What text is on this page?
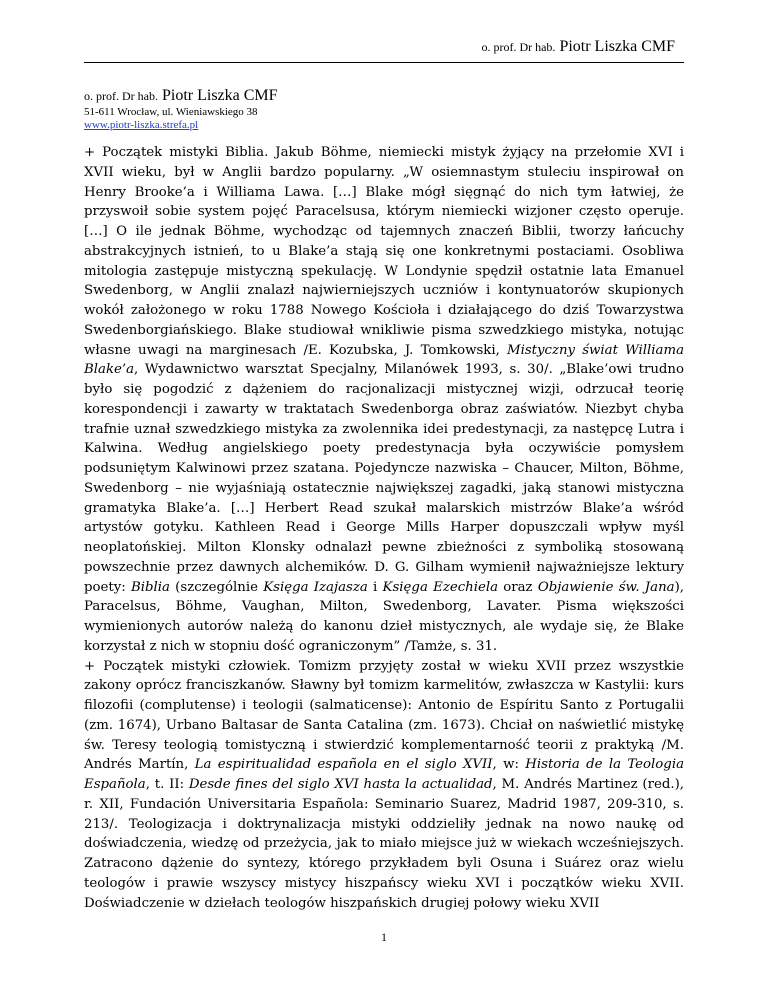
o. prof. Dr hab. Piotr Liszka CMF
o. prof. Dr hab. Piotr Liszka CMF
51-611 Wrocław, ul. Wieniawskiego 38
www.piotr-liszka.strefa.pl

+ Początek mistyki Biblia. Jakub Böhme, niemiecki mistyk żyjący na przełomie XVI i XVII wieku, był w Anglii bardzo popularny. „W osiemnastym stuleciu inspirował on Henry Brooke’a i Williama Lawa. […] Blake mógł sięgnąć do nich tym łatwiej, że przyswoił sobie system pojęć Paracelsusa, którym niemiecki wizjoner często operuje. […] O ile jednak Böhme, wychodząc od tajemnych znaczeń Biblii, tworzy łańcuchy abstrakcyjnych istnień, to u Blake’a stają się one konkretnymi postaciami. Osobliwa mitologia zastępuje mistyczną spekulację. W Londynie spędził ostatnie lata Emanuel Swedenborg, w Anglii znalazł najwierniejszych uczniów i kontynuatorów skupionych wokół założonego w roku 1788 Nowego Kościoła i działającego do dziś Towarzystwa Swedenborgiańskiego. Blake studiował wnikliwie pisma szwedzkiego mistyka, notując własne uwagi na marginesach /E. Kozubska, J. Tomkowski, Mistyczny świat Williama Blake’a, Wydawnictwo warsztat Specjalny, Milanówek 1993, s. 30/. „Blake’owi trudno było się pogodzić z dążeniem do racjonalizacji mistycznej wizji, odrzucał teorię korespondencji i zawarty w traktatach Swedenborga obraz zaświatów. Niezbyt chyba trafnie uznał szwedzkiego mistyka za zwolennika idei predestynacji, za następcę Lutra i Kalwina. Według angielskiego poety predestynacja była oczywiście pomysłem podsuniętym Kalwinowi przez szatana. Pojedyncze nazwiska – Chaucer, Milton, Böhme, Swedenborg – nie wyjaśniają ostatecznie największej zagadki, jaką stanowi mistyczna gramatyka Blake’a. […] Herbert Read szukał malarskich mistrzów Blake’a wśród artystów gotyku. Kathleen Read i George Mills Harper dopuszczali wpływ myśl neoplatońskiej. Milton Klonsky odnalazł pewne zbieżności z symboliką stosowaną powszechnie przez dawnych alchemików. D. G. Gilham wymienił najważniejsze lektury poety: Biblia (szczególnie Księga Izajasza i Księga Ezechiela oraz Objawienie św. Jana), Paracelsus, Böhme, Vaughan, Milton, Swedenborg, Lavater. Pisma większości wymienionych autorów należą do kanonu dzieł mistycznych, ale wydaje się, że Blake korzystał z nich w stopniu dość ograniczonym” /Tamże, s. 31.

+ Początek mistyki człowiek. Tomizm przyjęty został w wieku XVII przez wszystkie zakony oprócz franciszkanów. Sławny był tomizm karmelitów, zwłaszcza w Kastylii: kurs filozofii (complutense) i teologii (salmaticense): Antonio de Espíritu Santo z Portugalii (zm. 1674), Urbano Baltasar de Santa Catalina (zm. 1673). Chciał on naświetlić mistykę św. Teresy teologią tomistyczną i stwierdzić komplementarność teorii z praktyką /M. Andrés Martín, La espiritualidad española en el siglo XVII, w: Historia de la Teologia Española, t. II: Desde fines del siglo XVI hasta la actualidad, M. Andrés Martinez (red.), r. XII, Fundación Universitaria Española: Seminario Suarez, Madrid 1987, 209-310, s. 213/. Teologizacja i doktrynalizacja mistyki oddzieliły jednak na nowo naukę od doświadczenia, wiedzę od przeżycia, jak to miało miejsce już w wiekach wcześniejszych. Zatracono dążenie do syntezy, którego przykładem byli Osuna i Suárez oraz wielu teologów i prawie wszyscy mistycy hiszpańscy wieku XVI i początków wieku XVII. Doświadczenie w dziełach teologów hiszpańskich drugiej połowy wieku XVII

1
